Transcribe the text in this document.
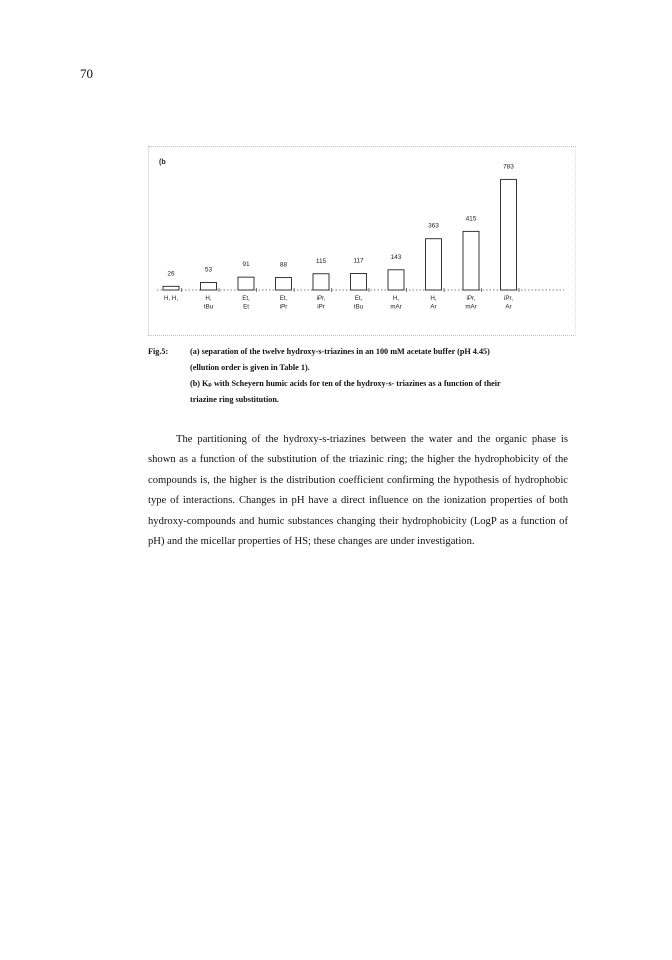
70
(b
26
H, H,
53
H,
tBu
91
Et,
Et
88
Et,
iPr
115
iPr,
iPr
117
Et,
tBu
143
H,
mAr
363
H,
Ar
415
iPr,
mAr
783
iPr,
Ar
Fig.5:	(a) separation of the twelve hydroxy-s-triazines in an 100 mM acetate buffer (pH 4.45)
(ellution order is given in Table 1).
(b) Kₚ with Scheyern humic acids for ten of the hydroxy-s- triazines as a function of their
triazine ring substitution.

The partitioning of the hydroxy-s-triazines between the water and the organic phase is shown as a function of the substitution of the triazinic ring; the higher the hydrophobicity of the compounds is, the higher is the distribution coefficient confirming the hypothesis of hydrophobic type of interactions. Changes in pH have a direct influence on the ionization properties of both hydroxy-compounds and humic substances changing their hydrophobicity (LogP as a function of pH) and the micellar properties of HS; these changes are under investigation.
